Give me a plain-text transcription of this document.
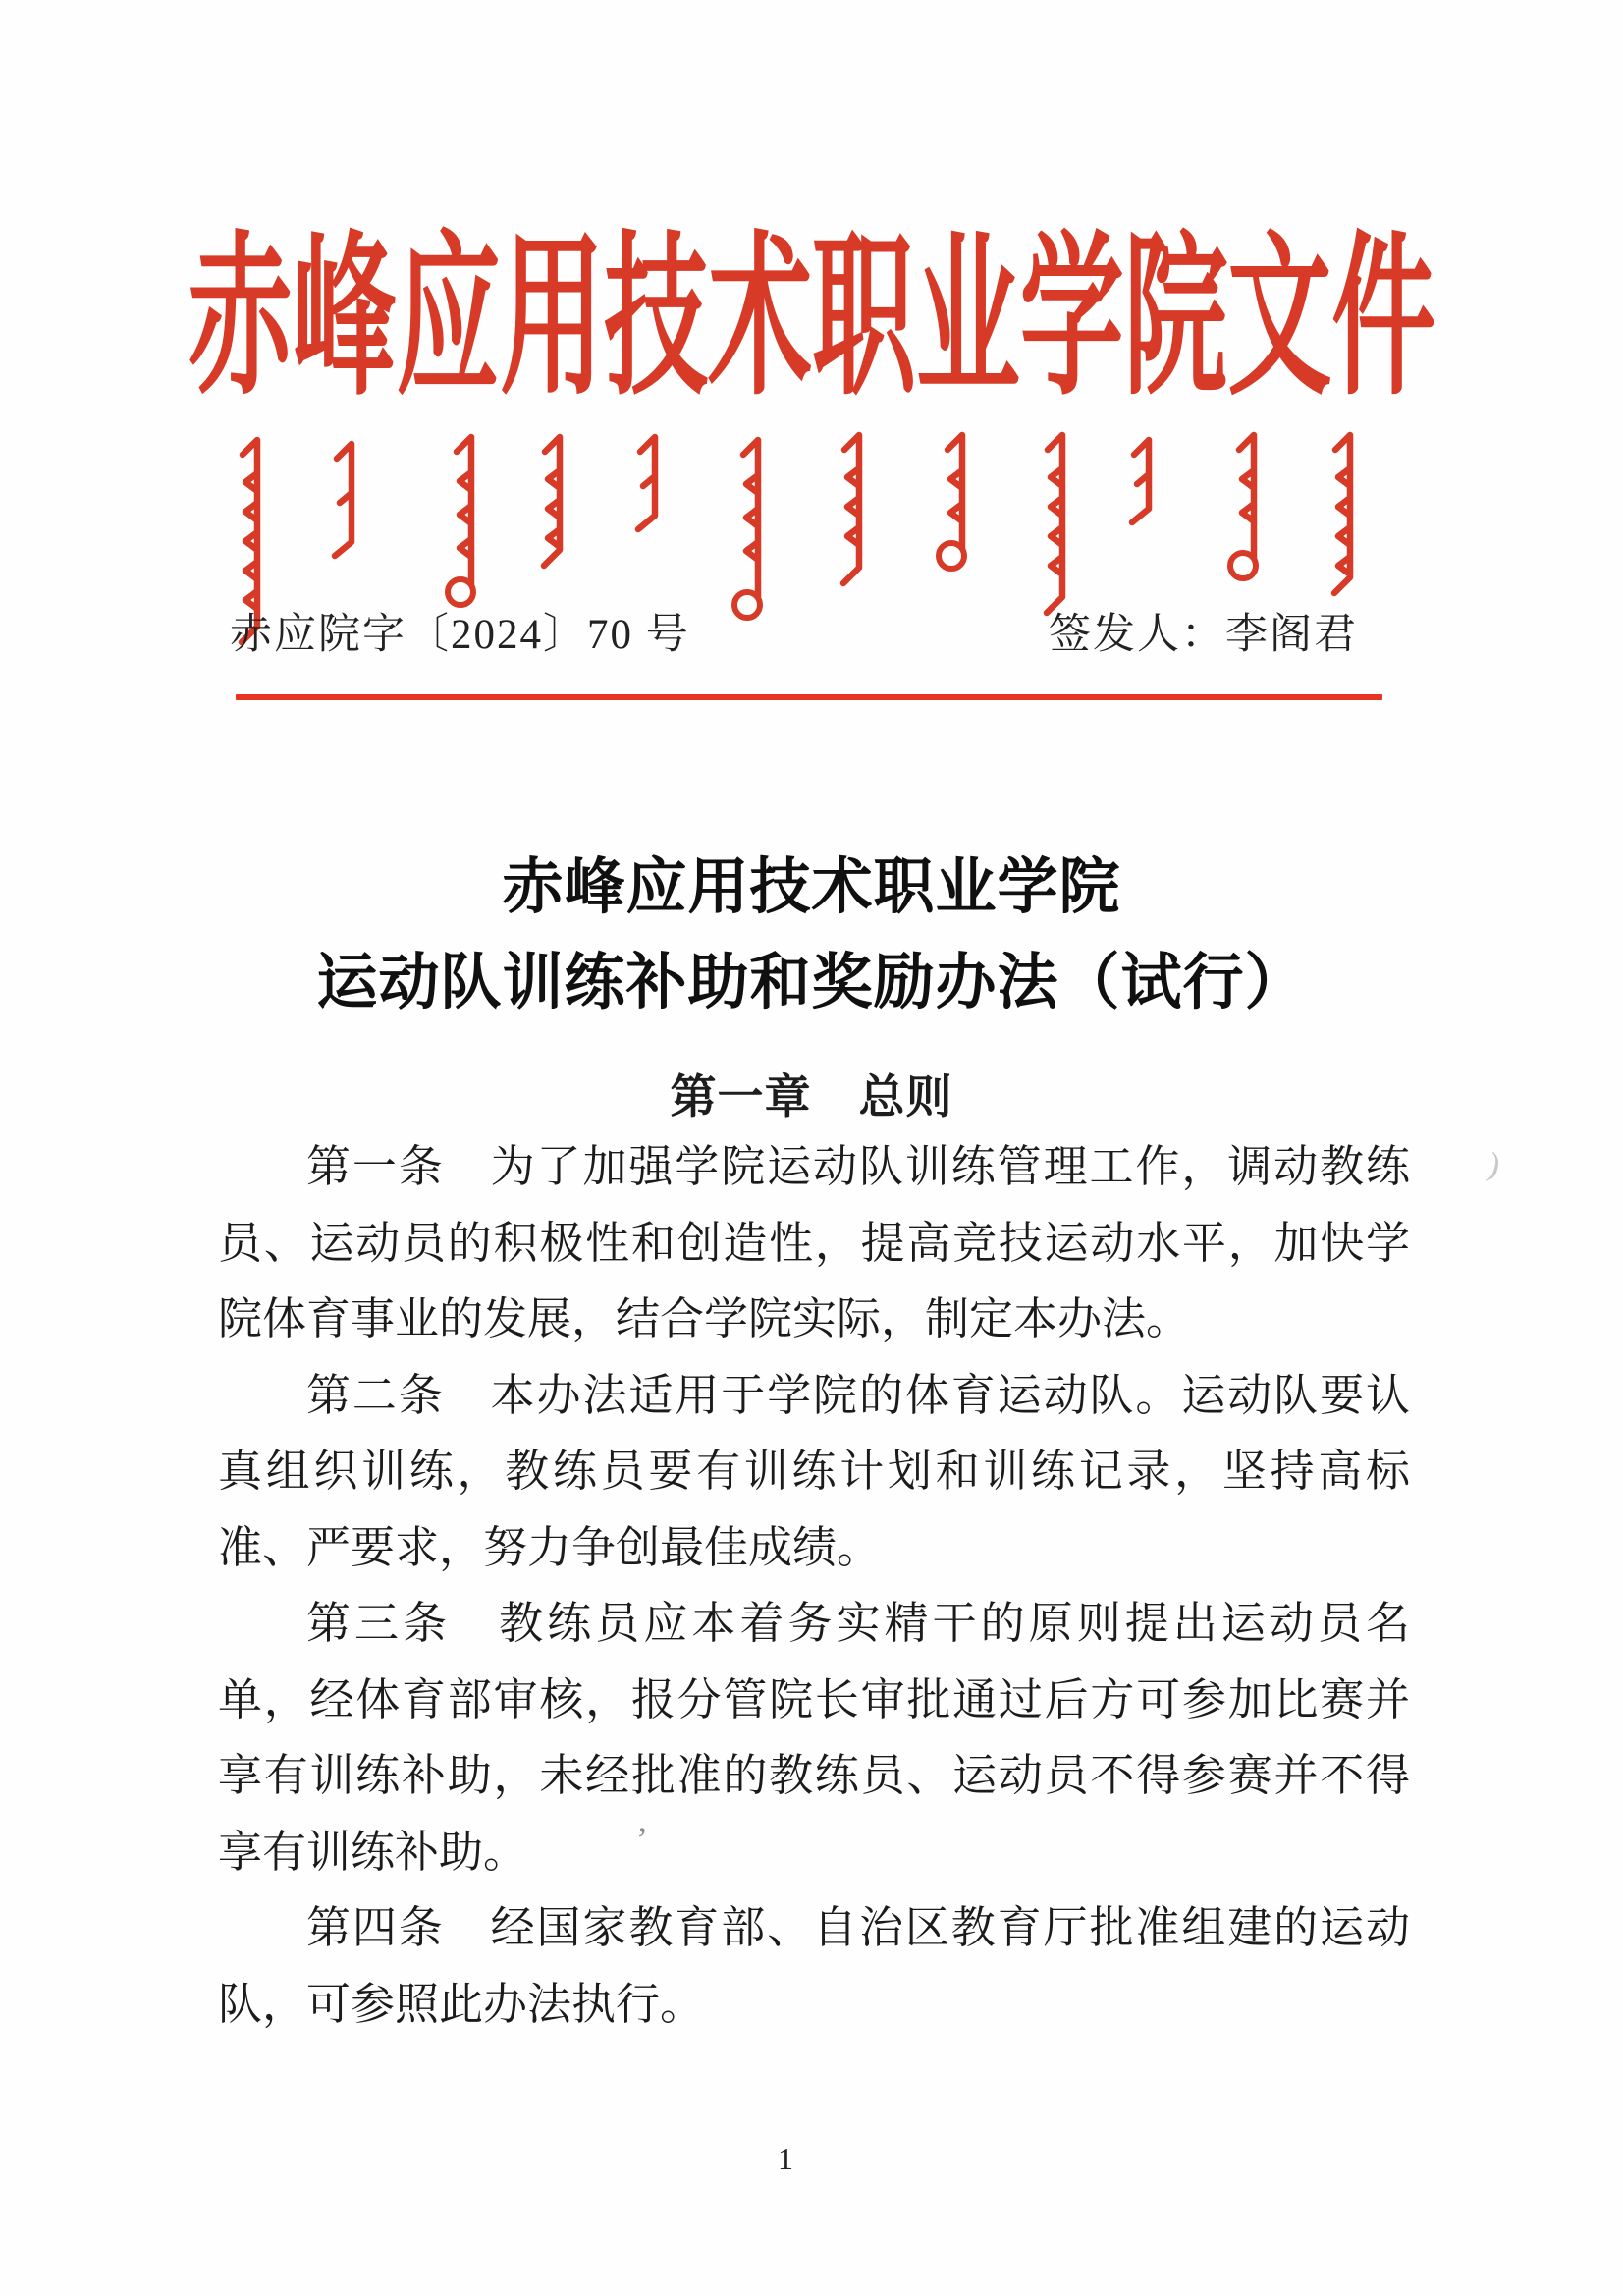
赤峰应用技术职业学院文件
赤应院字〔2024〕70 号	签发人：李阁君
赤峰应用技术职业学院
运动队训练补助和奖励办法（试行）
第一章　总则

第一条　为了加强学院运动队训练管理工作，调动教练员、运动员的积极性和创造性，提高竞技运动水平，加快学院体育事业的发展，结合学院实际，制定本办法。

第二条　本办法适用于学院的体育运动队。运动队要认真组织训练，教练员要有训练计划和训练记录，坚持高标准、严要求，努力争创最佳成绩。

第三条　教练员应本着务实精干的原则提出运动员名单，经体育部审核，报分管院长审批通过后方可参加比赛并享有训练补助，未经批准的教练员、运动员不得参赛并不得享有训练补助。

第四条　经国家教育部、自治区教育厅批准组建的运动队，可参照此办法执行。

’
)
1
